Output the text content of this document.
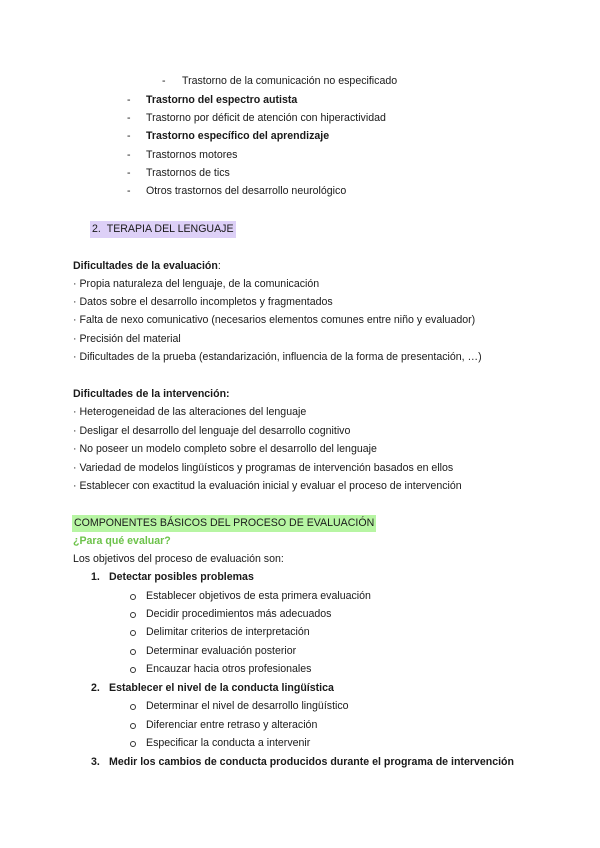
- Trastorno de la comunicación no especificado
- Trastorno del espectro autista
- Trastorno por déficit de atención con hiperactividad
- Trastorno específico del aprendizaje
- Trastornos motores
- Trastornos de tics
- Otros trastornos del desarrollo neurológico
2. TERAPIA DEL LENGUAJE
Dificultades de la evaluación:
· Propia naturaleza del lenguaje, de la comunicación
· Datos sobre el desarrollo incompletos y fragmentados
· Falta de nexo comunicativo (necesarios elementos comunes entre niño y evaluador)
· Precisión del material
· Dificultades de la prueba (estandarización, influencia de la forma de presentación, …)
Dificultades de la intervención:
· Heterogeneidad de las alteraciones del lenguaje
· Desligar el desarrollo del lenguaje del desarrollo cognitivo
· No poseer un modelo completo sobre el desarrollo del lenguaje
· Variedad de modelos lingüísticos y programas de intervención basados en ellos
· Establecer con exactitud la evaluación inicial y evaluar el proceso de intervención
COMPONENTES BÁSICOS DEL PROCESO DE EVALUACIÓN
¿Para qué evaluar?
Los objetivos del proceso de evaluación son:
1. Detectar posibles problemas
Establecer objetivos de esta primera evaluación
Decidir procedimientos más adecuados
Delimitar criterios de interpretación
Determinar evaluación posterior
Encauzar hacia otros profesionales
2. Establecer el nivel de la conducta lingüística
Determinar el nivel de desarrollo lingüístico
Diferenciar entre retraso y alteración
Especificar la conducta a intervenir
3. Medir los cambios de conducta producidos durante el programa de intervención
